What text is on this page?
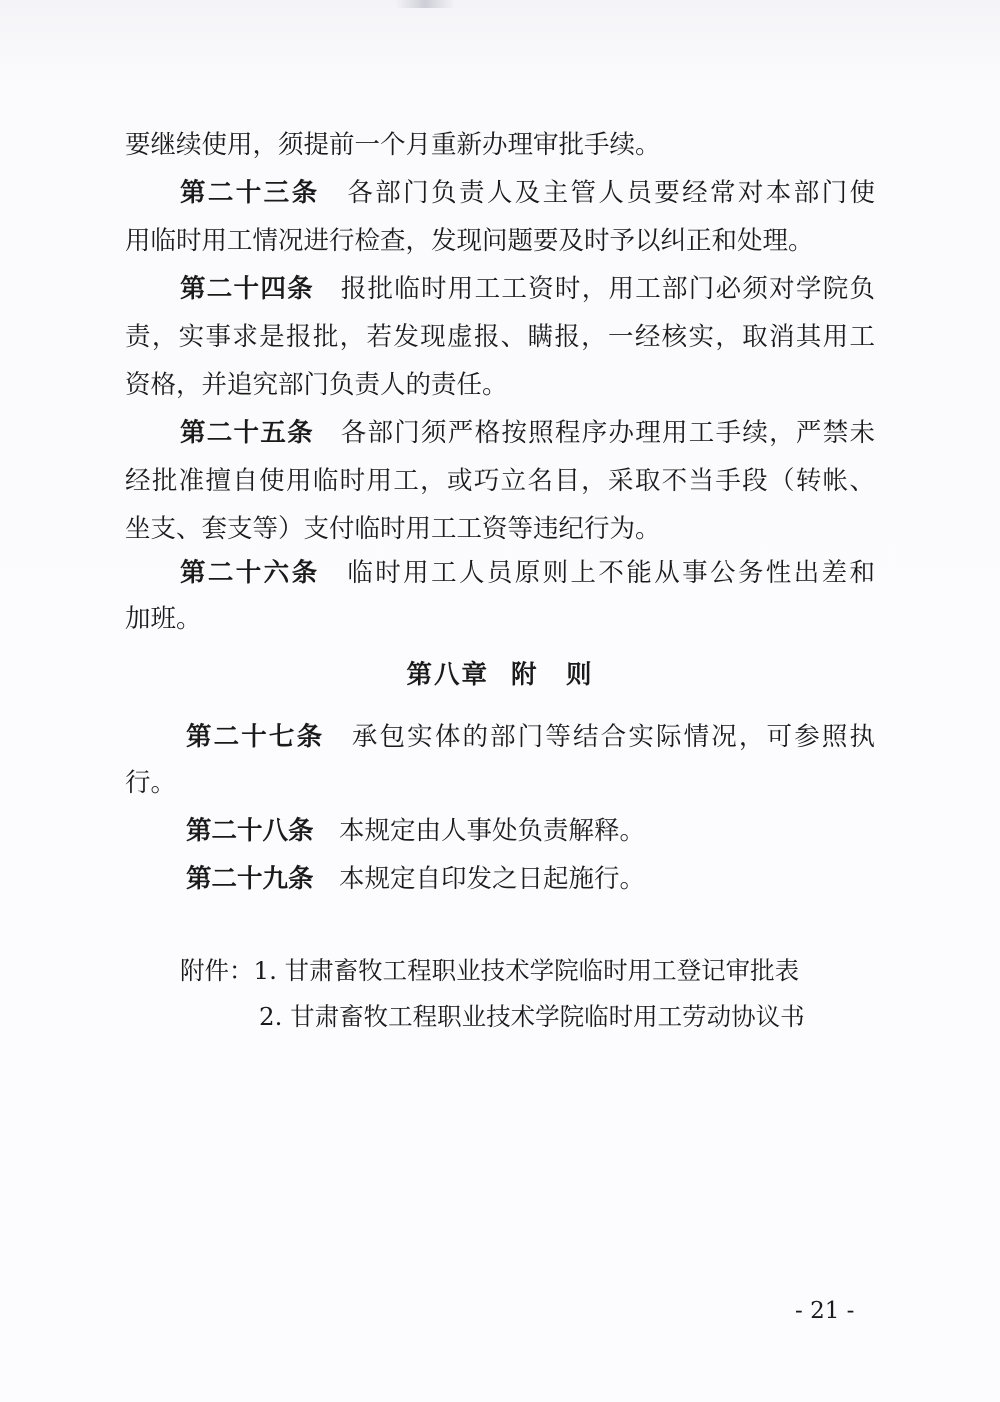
要继续使用，须提前一个月重新办理审批手续。
第二十三条　 各部门负责人及主管人员要经常对本部门使
用临时用工情况进行检查，发现问题要及时予以纠正和处理。
第二十四条　 报批临时用工工资时，用工部门必须对学院负
责，实事求是报批，若发现虚报、瞒报，一经核实，取消其用工
资格，并追究部门负责人的责任。
第二十五条　 各部门须严格按照程序办理用工手续，严禁未
经批准擅自使用临时用工，或巧立名目，采取不当手段（转帐、
坐支、套支等）支付临时用工工资等违纪行为。
第二十六条　 临时用工人员原则上不能从事公务性出差和
加班。
第八章 附　则
第二十七条　 承包实体的部门等结合实际情况，可参照执
行。
第二十八条　 本规定由人事处负责解释。
第二十九条　 本规定自印发之日起施行。
附件：1. 甘肃畜牧工程职业技术学院临时用工登记审批表
2. 甘肃畜牧工程职业技术学院临时用工劳动协议书
- 21 -
